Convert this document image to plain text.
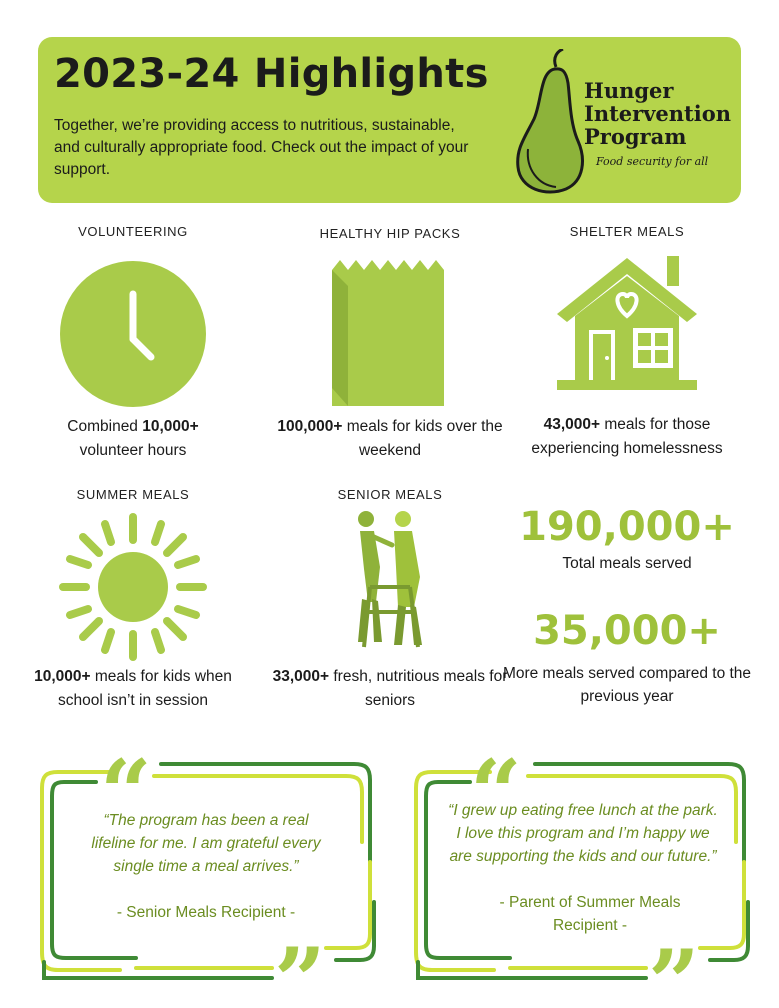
2023-24 Highlights

Together, we’re providing access to nutritious, sustainable, and culturally appropriate food. Check out the impact of your support.

Hunger
Intervention
Program

Food security for all

VOLUNTEERING

Combined 10,000+
volunteer hours

HEALTHY HIP PACKS

100,000+ meals for kids over the weekend

SHELTER MEALS

43,000+ meals for those experiencing homelessness

SUMMER MEALS

10,000+ meals for kids when school isn’t in session

SENIOR MEALS

33,000+ fresh, nutritious meals for seniors

190,000+

Total meals served

35,000+

More meals served compared to the previous year

“
”

“The program has been a real lifeline for me. I am grateful every single time a meal arrives.”

- Senior Meals Recipient -

“
”

“I grew up eating free lunch at the park. I love this program and I’m happy we are supporting the kids and our future.”

- Parent of Summer Meals Recipient -
